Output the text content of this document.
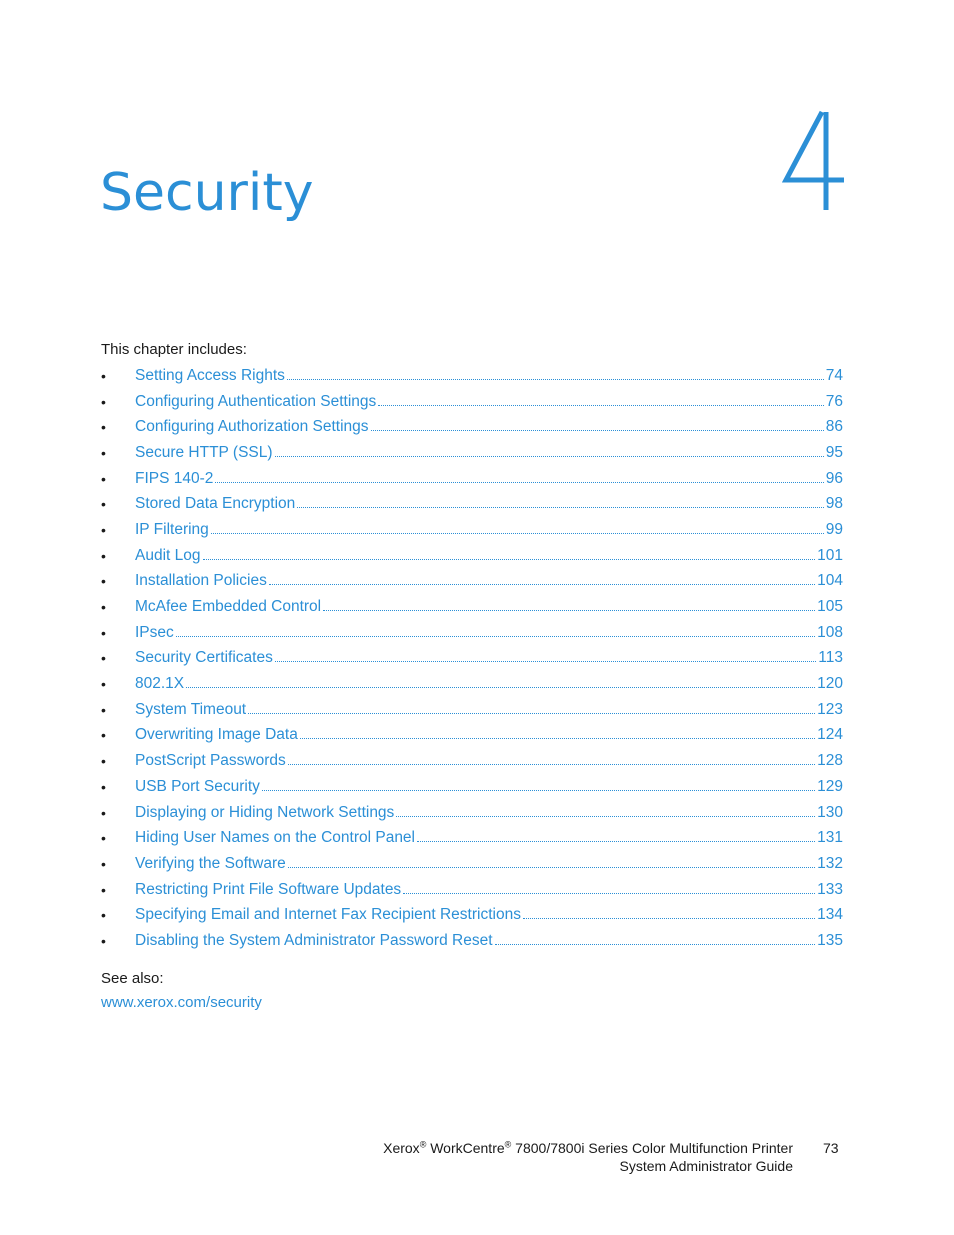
Security
This chapter includes:
•	Setting Access Rights	74
•	Configuring Authentication Settings	76
•	Configuring Authorization Settings	86
•	Secure HTTP (SSL)	95
•	FIPS 140-2	96
•	Stored Data Encryption	98
•	IP Filtering	99
•	Audit Log	101
•	Installation Policies	104
•	McAfee Embedded Control	105
•	IPsec	108
•	Security Certificates	113
•	802.1X	120
•	System Timeout	123
•	Overwriting Image Data	124
•	PostScript Passwords	128
•	USB Port Security	129
•	Displaying or Hiding Network Settings	130
•	Hiding User Names on the Control Panel	131
•	Verifying the Software	132
•	Restricting Print File Software Updates	133
•	Specifying Email and Internet Fax Recipient Restrictions	134
•	Disabling the System Administrator Password Reset	135
See also:
www.xerox.com/security
Xerox® WorkCentre® 7800/7800i Series Color Multifunction Printer
System Administrator Guide
73
